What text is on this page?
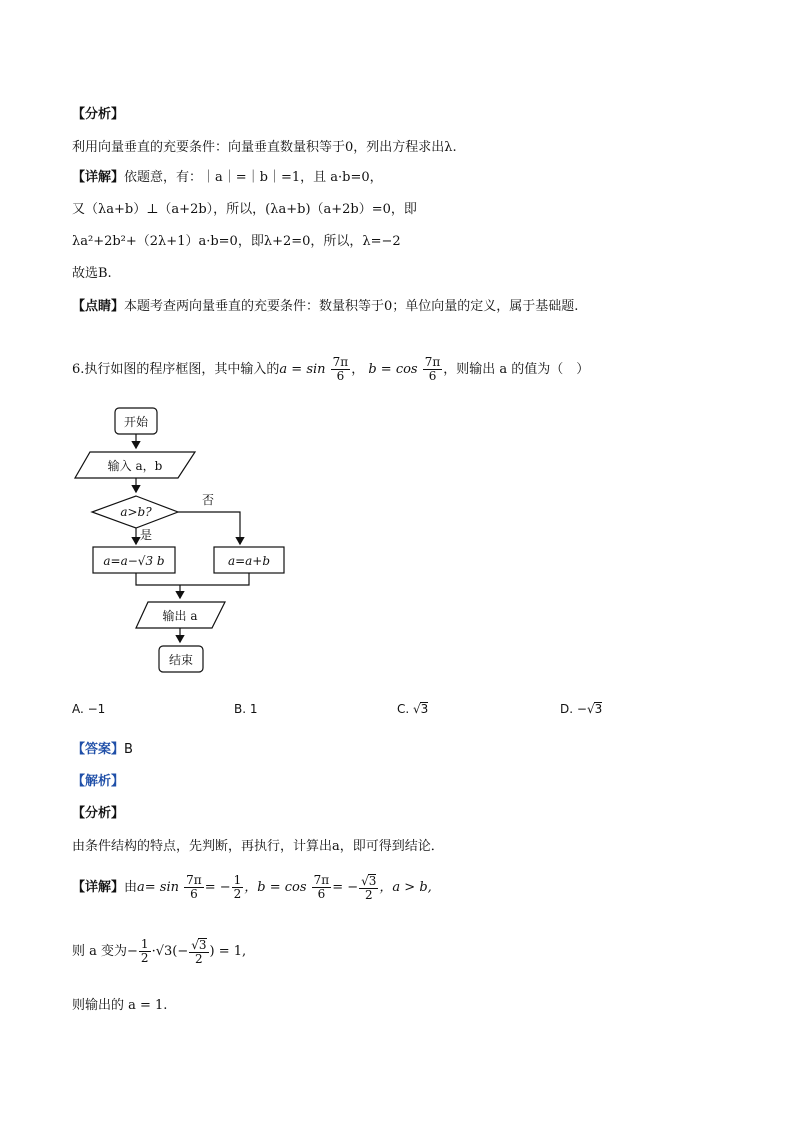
【分析】
利用向量垂直的充要条件：向量垂直数量积等于0，列出方程求出λ.
【详解】依题意，有：｜a｜=｜b｜=1，且 a·b=0，
又（λa+b）⊥（a+2b），所以，(λa+b)（a+2b）=0，即
λa²+2b²+（2λ+1）a·b=0，即λ+2=0，所以，λ=−2
故选B.
【点睛】本题考查两向量垂直的充要条件：数量积等于0；单位向量的定义，属于基础题.
6.执行如图的程序框图，其中输入的$a = \sin \frac{7\pi}{6}$ ， $b = \cos \frac{7\pi}{6}$ ，则输出 a 的值为（　）
开始
输入 a，b
a>b?
否
是
a=a−√3 b	a=a+b
输出 a
结束
A. −1	B. 1	C. √3	D. −√3
【答案】B
【解析】
【分析】
由条件结构的特点，先判断，再执行，计算出a，即可得到结论．
【详解】由$a= \sin \frac{7\pi}{6}$ = − $\frac{1}{2}$ ，$b = \cos \frac{7\pi}{6}$ = − $\frac{√3}{2}$ ，a > b,
则 a 变为− $\frac{1}{2} \cdot√3(- \frac{√3}{2}$ ) = 1,
则输出的 a = 1.
